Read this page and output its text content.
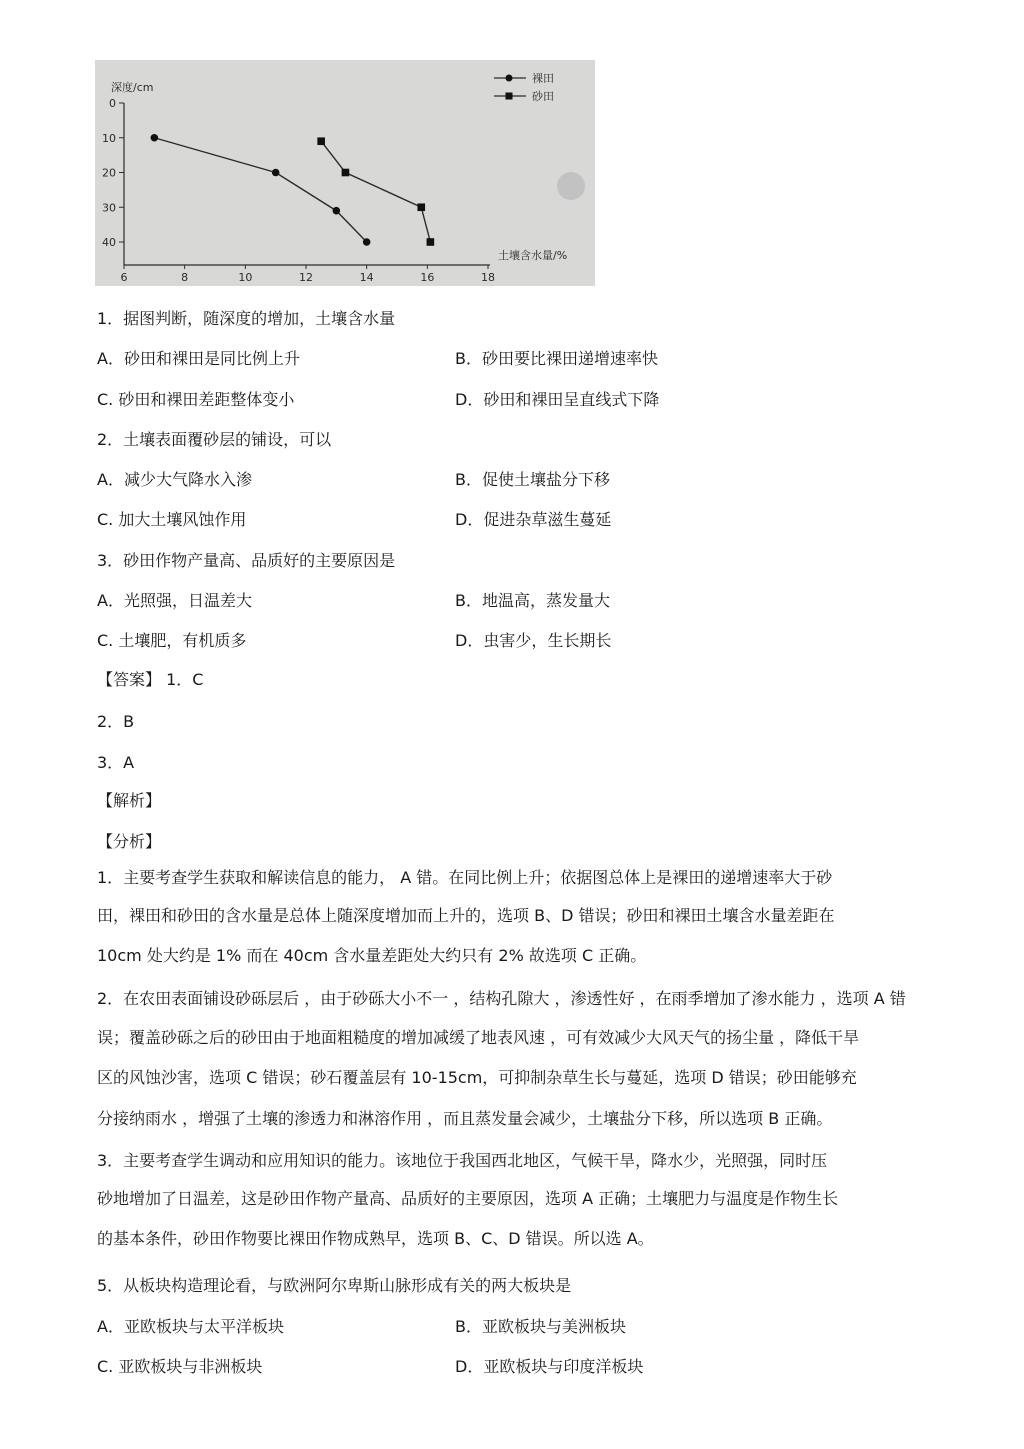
0
10
20
30
40
6	8	10	12	14	16	18
深度/cm
土壤含水量/%
裸田
砂田
1．据图判断，随深度的增加，土壤含水量
A．砂田和裸田是同比例上升	B．砂田要比裸田递增速率快
C. 砂田和裸田差距整体变小	D．砂田和裸田呈直线式下降
2．土壤表面覆砂层的铺设，可以
A．减少大气降水入渗	B．促使土壤盐分下移
C. 加大土壤风蚀作用	D．促进杂草滋生蔓延
3．砂田作物产量高、品质好的主要原因是
A．光照强，日温差大	B．地温高，蒸发量大
C. 土壤肥，有机质多	D．虫害少，生长期长
【答案】 1．C
2．B
3．A
【解析】
【分析】
1．主要考查学生获取和解读信息的能力， A 错。在同比例上升；依据图总体上是裸田的递增速率大于砂
田，裸田和砂田的含水量是总体上随深度增加而上升的，选项 B、D 错误；砂田和裸田土壤含水量差距在
10cm 处大约是 1% 而在 40cm 含水量差距处大约只有 2% 故选项 C 正确。
2．在农田表面铺设砂砾层后 ，由于砂砾大小不一 ，结构孔隙大 ，渗透性好 ，在雨季增加了渗水能力 ，选项 A 错
误；覆盖砂砾之后的砂田由于地面粗糙度的增加减缓了地表风速 ，可有效减少大风天气的扬尘量 ，降低干旱
区的风蚀沙害，选项 C 错误；砂石覆盖层有 10-15cm，可抑制杂草生长与蔓延，选项 D 错误；砂田能够充
分接纳雨水 ，增强了土壤的渗透力和淋溶作用 ，而且蒸发量会减少，土壤盐分下移，所以选项 B 正确。
3．主要考查学生调动和应用知识的能力。该地位于我国西北地区，气候干旱，降水少，光照强，同时压
砂地增加了日温差，这是砂田作物产量高、品质好的主要原因，选项 A 正确；土壤肥力与温度是作物生长
的基本条件，砂田作物要比裸田作物成熟早，选项 B、C、D 错误。所以选 A。
5．从板块构造理论看，与欧洲阿尔卑斯山脉形成有关的两大板块是
A．亚欧板块与太平洋板块	B．亚欧板块与美洲板块
C. 亚欧板块与非洲板块	D．亚欧板块与印度洋板块
